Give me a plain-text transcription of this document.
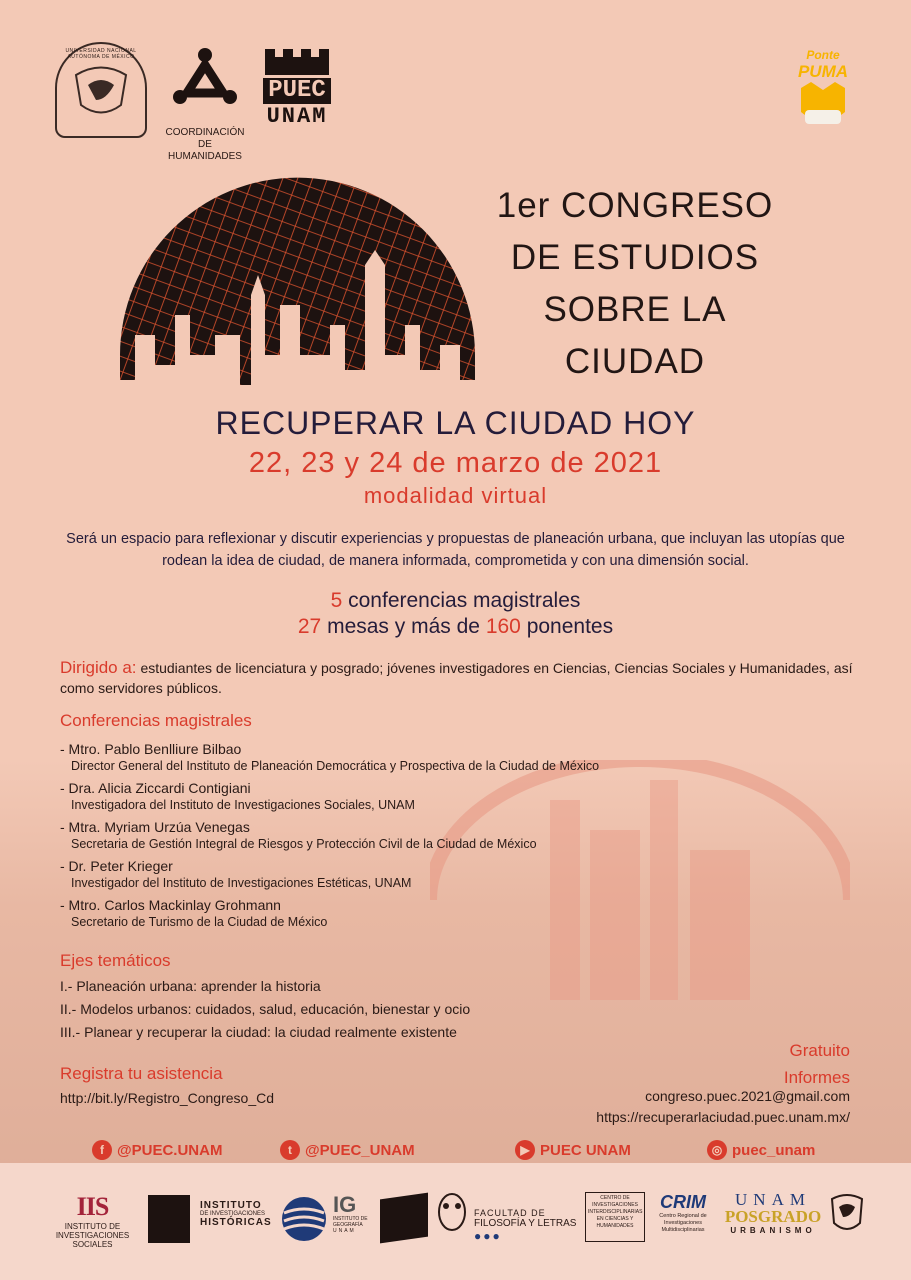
UNIVERSIDAD NACIONAL AUTÓNOMA DE MÉXICO
COORDINACIÓN
DE HUMANIDADES
PUEC
UNAM
Ponte
PUMA
1er CONGRESO
DE ESTUDIOS
SOBRE LA
CIUDAD
RECUPERAR LA CIUDAD HOY
22, 23 y 24 de marzo de 2021
modalidad virtual
Será un espacio para reflexionar y discutir experiencias y propuestas de planeación urbana, que incluyan las utopías que rodean la idea de ciudad, de manera informada, comprometida y con una dimensión social.
5 conferencias magistrales
27 mesas y más de 160 ponentes
Dirigido a: estudiantes de licenciatura y posgrado; jóvenes investigadores en Ciencias, Ciencias Sociales y Humanidades, así como servidores públicos.
Conferencias magistrales
- Mtro. Pablo Benlliure Bilbao
Director General del Instituto de Planeación Democrática y Prospectiva de la Ciudad de México
- Dra. Alicia Ziccardi Contigiani
Investigadora del Instituto de Investigaciones Sociales, UNAM
- Mtra. Myriam Urzúa Venegas
Secretaria de Gestión Integral de Riesgos y Protección Civil de la Ciudad de México
- Dr. Peter Krieger
Investigador del Instituto de Investigaciones Estéticas, UNAM
- Mtro. Carlos Mackinlay Grohmann
Secretario de Turismo de la Ciudad de México
Ejes temáticos
I.- Planeación urbana: aprender la historia
II.- Modelos urbanos: cuidados, salud, educación, bienestar y ocio
III.- Planear y recuperar la ciudad: la ciudad realmente existente
Registra tu asistencia
http://bit.ly/Registro_Congreso_Cd
Gratuito
Informes
congreso.puec.2021@gmail.com
https://recuperarlaciudad.puec.unam.mx/
f @PUEC.UNAM	t @PUEC_UNAM	▶ PUEC UNAM	◎ puec_unam
IIS
INSTITUTO DE INVESTIGACIONES
SOCIALES
INSTITUTO
DE INVESTIGACIONES
HISTÓRICAS
IG
INSTITUTO DE GEOGRAFÍA
UNAM
FACULTAD DE
FILOSOFÍA Y LETRAS
●●●
CENTRO DE INVESTIGACIONES INTERDISCIPLINARIAS EN CIENCIAS Y HUMANIDADES
CRIM
Centro Regional de Investigaciones Multidisciplinarias
UNAM
POSGRADO
URBANISMO
